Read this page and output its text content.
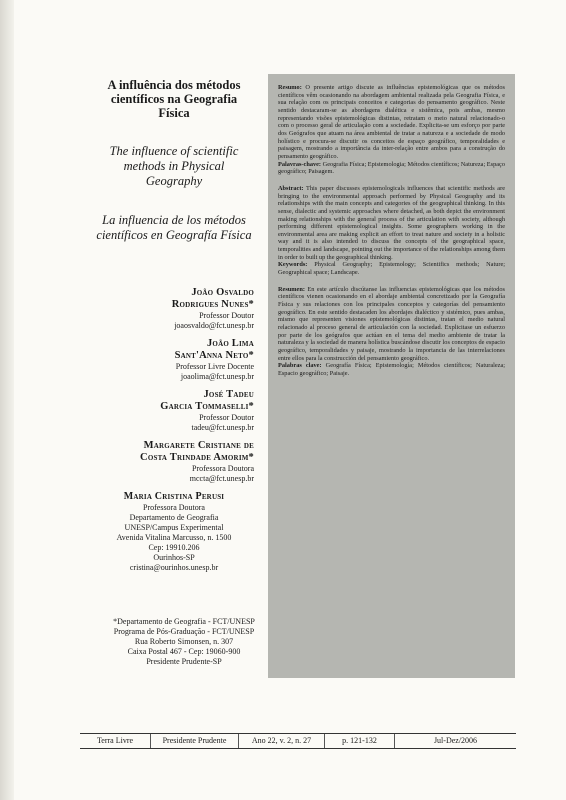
A influência dos métodos científicos na Geografia Física

The influence of scientific methods in Physical Geography

La influencia de los métodos científicos en Geografía Física

João Osvaldo
Rodrigues Nunes*
Professor Doutor
joaosvaldo@fct.unesp.br
João Lima
Sant'Anna Neto*
Professor Livre Docente
joaolima@fct.unesp.br
José Tadeu
Garcia Tommaselli*
Professor Doutor
tadeu@fct.unesp.br
Margarete Cristiane de
Costa Trindade Amorim*
Professora Doutora
mccta@fct.unesp.br
Maria Cristina Perusi
Professora Doutora
Departamento de Geografia
UNESP/Campus Experimental
Avenida Vitalina Marcusso, n. 1500
Cep: 19910.206
Ourinhos-SP
cristina@ourinhos.unesp.br
*Departamento de Geografia - FCT/UNESP
Programa de Pós-Graduação - FCT/UNESP
Rua Roberto Simonsen, n. 307
Caixa Postal 467 - Cep: 19060-900
Presidente Prudente-SP

Resumo: O presente artigo discute as influências epistemológicas que os métodos científicos vêm ocasionando na abordagem ambiental realizada pela Geografia Física, e sua relação com os principais conceitos e categorias do pensamento geográfico. Neste sentido destacaram-se as abordagens dialética e sistêmica, pois ambas, mesmo representando visões epistemológicas distintas, retratam o meio natural relacionado-o com o processo geral de articulação com a sociedade. Explicita-se um esforço por parte dos Geógrafos que atuam na área ambiental de tratar a natureza e a sociedade de modo holístico e procura-se discutir os conceitos de espaço geográfico, temporalidades e paisagem, mostrando a importância da inter-relação entre ambos para a construção do pensamento geográfico.

Palavras-chave: Geografia Física; Epistemologia; Métodos científicos; Natureza; Espaço geográfico; Paisagem.

Abstract: This paper discusses epistemologicals influences that scientific methods are bringing to the environmental approach performed by Physical Geography and its relationships with the main concepts and categories of the geographical thinking. In this sense, dialectic and systemic approaches where detached, as both depict the environment making relationships with the general process of the articulation with society, although performing different epistemological insights. Some geographers working in the environmental area are making explicit an effort to treat nature and society in a holistic way and it is also intended to discuss the concepts of the geographical space, temporalities and landscape, pointing out the importance of the relationships among them in order to built up the geographical thinking.

Keywords: Physical Geography; Epistemology; Scientifics methods; Nature; Geographical space; Landscape.

Resumen: En este artículo discútanse las influencias epistemológicas que los métodos científicos vienen ocasionando en el abordaje ambiental concretizado por la Geografía Física y sus relaciones con los principales conceptos y categorías del pensamiento geográfico. En este sentido destacaden los abordajes dialéctico y sistémico, pues ambas, mismo que representen visiones epistemológicas distintas, tratan el medio natural relacionado al proceso general de articulación con la sociedad. Explicitase un esfuerzo por parte de los geógrafos que actúan en el tema del medio ambiente de tratar la naturaleza y la sociedad de manera holística buscándose discutir los conceptos de espacio geográfico, temporalidades y paisaje, mostrando la importancia de las interrelaciones entre ellos para la construcción del pensamiento geográfico.

Palabras clave: Geografía Física; Epistemología; Métodos científicos; Naturaleza; Espacio geográfico; Paisaje.

Terra Livre	Presidente Prudente	Ano 22, v. 2, n. 27	p. 121-132	Jul-Dez/2006
